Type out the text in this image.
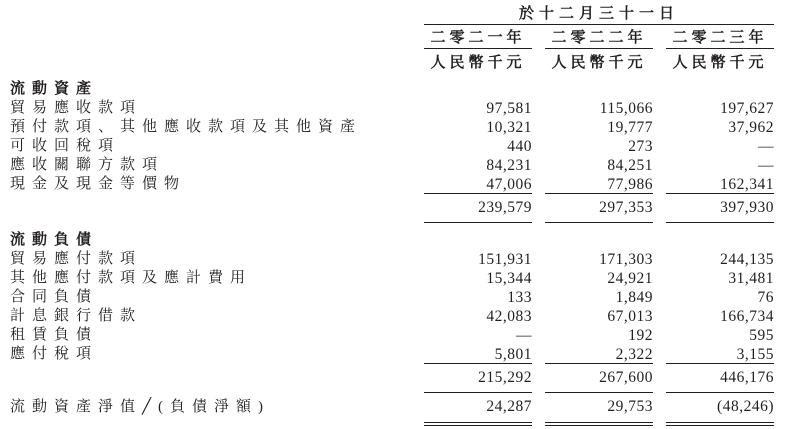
於十二月三十一日
二零二一年	二零二二年	二零二三年
人民幣千元	人民幣千元	人民幣千元
流動資產
貿易應收款項	97,581	115,066	197,627
預付款項、其他應收款項及其他資產	10,321	19,777	37,962
可收回稅項	440	273	—
應收關聯方款項	84,231	84,251	—
現金及現金等價物	47,006	77,986	162,341
239,579	297,353	397,930
流動負債
貿易應付款項	151,931	171,303	244,135
其他應付款項及應計費用	15,344	24,921	31,481
合同負債	133	1,849	76
計息銀行借款	42,083	67,013	166,734
租賃負債	—	192	595
應付稅項	5,801	2,322	3,155
215,292	267,600	446,176
流動資產淨值╱(負債淨額)	24,287	29,753	(48,246)
